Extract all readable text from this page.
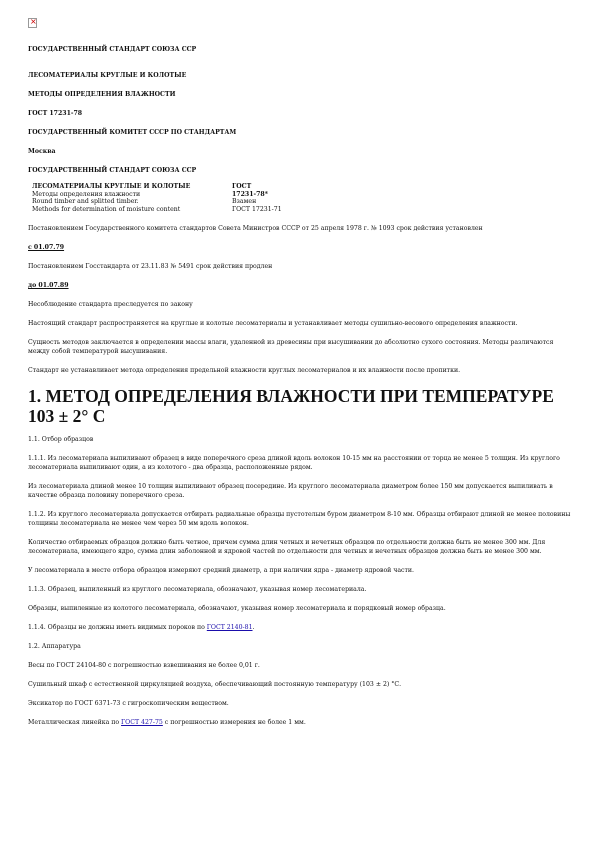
×

ГОСУДАРСТВЕННЫЙ СТАНДАРТ СОЮЗА ССР

ЛЕСОМАТЕРИАЛЫ КРУГЛЫЕ И КОЛОТЫЕ

МЕТОДЫ ОПРЕДЕЛЕНИЯ ВЛАЖНОСТИ

ГОСТ 17231-78

ГОСУДАРСТВЕННЫЙ КОМИТЕТ СССР ПО СТАНДАРТАМ

Москва

ГОСУДАРСТВЕННЫЙ СТАНДАРТ СОЮЗА ССР

ЛЕСОМАТЕРИАЛЫ КРУГЛЫЕ И КОЛОТЫЕ	ГОСТ
Методы определения влажности	17231-78*
Round timber and splitted timber.	Взамен
Methods for determination of moisture content	ГОСТ 17231-71

Постановлением Государственного комитета стандартов Совета Министров СССР от 25 апреля 1978 г. № 1093 срок действия установлен

с 01.07.79

Постановлением Госстандарта от 23.11.83 № 5491 срок действия продлен

до 01.07.89

Несоблюдение стандарта преследуется по закону

Настоящий стандарт распространяется на круглые и колотые лесоматериалы и устанавливает методы сушильно-весового определения влажности.

Сущность методов заключается в определении массы влаги, удаленной из древесины при высушивании до абсолютно сухого состояния. Методы различаются между собой температурой высушивания.

Стандарт не устанавливает метода определения предельной влажности круглых лесоматериалов и их влажности после пропитки.

1. МЕТОД ОПРЕДЕЛЕНИЯ ВЛАЖНОСТИ ПРИ ТЕМПЕРАТУРЕ 103 ± 2° С

1.1. Отбор образцов

1.1.1. Из лесоматериала выпиливают образец в виде поперечного среза длиной вдоль волокон 10-15 мм на расстоянии от торца не менее 5 толщин. Из круглого лесоматериала выпиливают один, а из колотого - два образца, расположенные рядом.

Из лесоматериала длиной менее 10 толщин выпиливают образец посередине. Из круглого лесоматериала диаметром более 150 мм допускается выпиливать в качестве образца половину поперечного среза.

1.1.2. Из круглого лесоматериала допускается отбирать радиальные образцы пустотелым буром диаметром 8-10 мм. Образцы отбирают длиной не менее половины толщины лесоматериала не менее чем через 50 мм вдоль волокон.

Количество отбираемых образцов должно быть четное, причем сумма длин четных и нечетных образцов по отдельности должна быть не менее 300 мм. Для лесоматериала, имеющего ядро, сумма длин заболонной и ядровой частей по отдельности для четных и нечетных образцов должна быть не менее 300 мм.

У лесоматериала в месте отбора образцов измеряют средний диаметр, а при наличии ядра - диаметр ядровой части.

1.1.3. Образец, выпиленный из круглого лесоматериала, обозначают, указывая номер лесоматериала.

Образцы, выпиленные из колотого лесоматериала, обозначают, указывая номер лесоматериала и порядковый номер образца.

1.1.4. Образцы не должны иметь видимых пороков по ГОСТ 2140-81.

1.2. Аппаратура

Весы по ГОСТ 24104-80 с погрешностью взвешивания не более 0,01 г.

Сушильный шкаф с естественной циркуляцией воздуха, обеспечивающий постоянную температуру (103 ± 2) °С.

Эксикатор по ГОСТ 6371-73 с гигроскопическим веществом.

Металлическая линейка по ГОСТ 427-75 с погрешностью измерения не более 1 мм.
